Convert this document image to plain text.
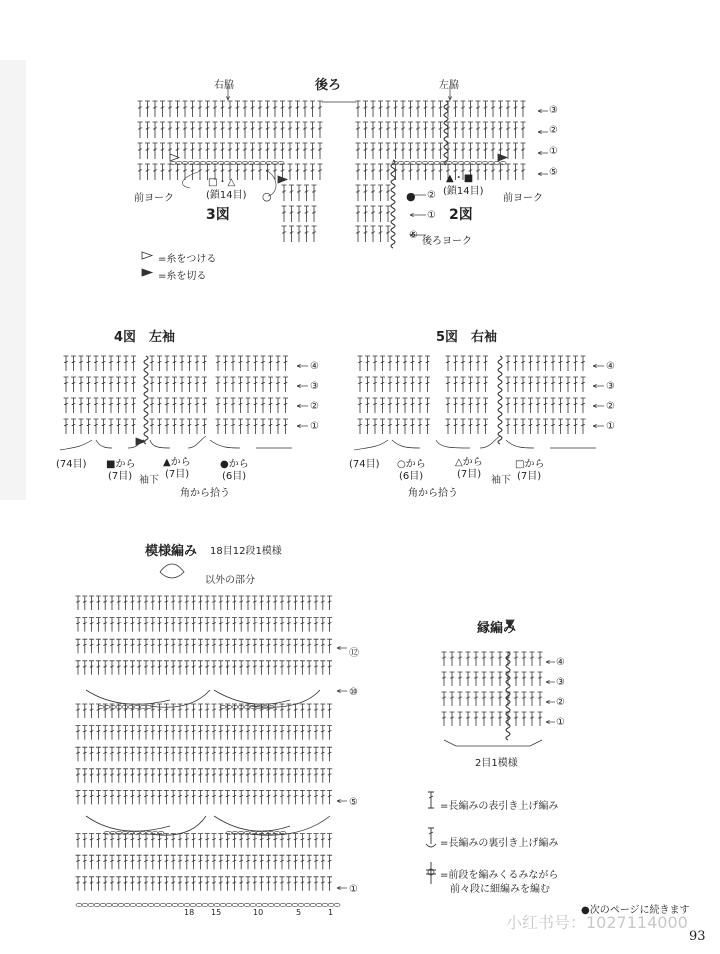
後ろ
右脇	左脇
前ヨーク	前ヨーク
後ろヨーク
3図	2図
□・△
(鎖14目)
▲・■
(鎖14目)
③
②
①
⑤
②
①
⑤
○	●
=糸をつける
=糸を切る
4図　左袖
④
③
②
①
(74目) ■から
(7目)
▲から
(7目)
●から
(6目)
袖下
角から拾う
5図　右袖
④
③
②
①
(74目) ○から
(6目)
△から
(7目)
□から
(7目)
袖下
角から拾う
模様編み 18目12段1模様
以外の部分
⑫
⑩
⑤
①
18 15	10	5	1
縁編み
④
③
②
①
2目1模様
=長編みの表引き上げ編み
=長編みの裏引き上げ編み
=前段を編みくるみながら
前々段に細編みを編む
●次のページに続きます
小红书号：1027114000
93
